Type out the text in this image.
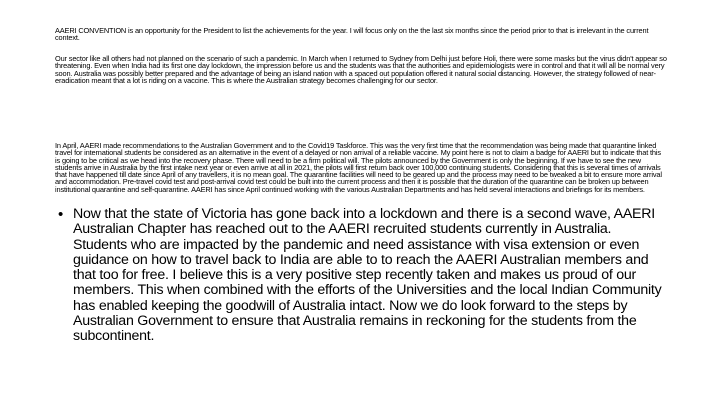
AAERI CONVENTION is an opportunity for the President to list the achievements for the year. I will focus only on the the last six months since the period prior to that is irrelevant in the current context.

Our sector like all others had not planned on the scenario of such a pandemic. In March when I returned to Sydney from Delhi just before Holi, there were some masks but the virus didn't appear so threatening. Even when India had its first one day lockdown, the impression before us and the students was that the authorities and epidemiologists were in control and that it will all be normal very soon. Australia was possibly better prepared and the advantage of being an island nation with a spaced out population offered it natural social distancing. However, the strategy followed of near-eradication meant that a lot is riding on a vaccine. This is where the Australian strategy becomes challenging for our sector.

In April, AAERI made recommendations to the Australian Government and to the Covid19 Taskforce. This was the very first time that the recommendation was being made that quarantine linked travel for international students be considered as an alternative in the event of a delayed or non arrival of a reliable vaccine. My point here is not to claim a badge for AAERI but to indicate that this is going to be critical as we head into the recovery phase. There will need to be a firm political will. The pilots announced by the Government is only the beginning. If we have to see the new students arrive in Australia by the first intake next year or even arrive at all in 2021, the pilots will first return back over 100,000 continuing students. Considering that this is several times of arrivals that have happened till date since April of any travellers, it is no mean goal. The quarantine facilities will need to be geared up and the process may need to be tweaked a bit to ensure more arrival and accommodation. Pre-travel covid test and post-arrival covid test could be built into the current process and then it is possible that the duration of the quarantine can be broken up between institutional quarantine and self-quarantine. AAERI has since April continued working with the various Australian Departments and has held several interactions and briefings for its members.

• Now that the state of Victoria has gone back into a lockdown and there is a second wave, AAERI Australian Chapter has reached out to the AAERI recruited students currently in Australia. Students who are impacted by the pandemic and need assistance with visa extension or even guidance on how to travel back to India are able to to reach the AAERI Australian members and that too for free. I believe this is a very positive step recently taken and makes us proud of our members. This when combined with the efforts of the Universities and the local Indian Community has enabled keeping the goodwill of Australia intact. Now we do look forward to the steps by Australian Government to ensure that Australia remains in reckoning for the students from the subcontinent.
